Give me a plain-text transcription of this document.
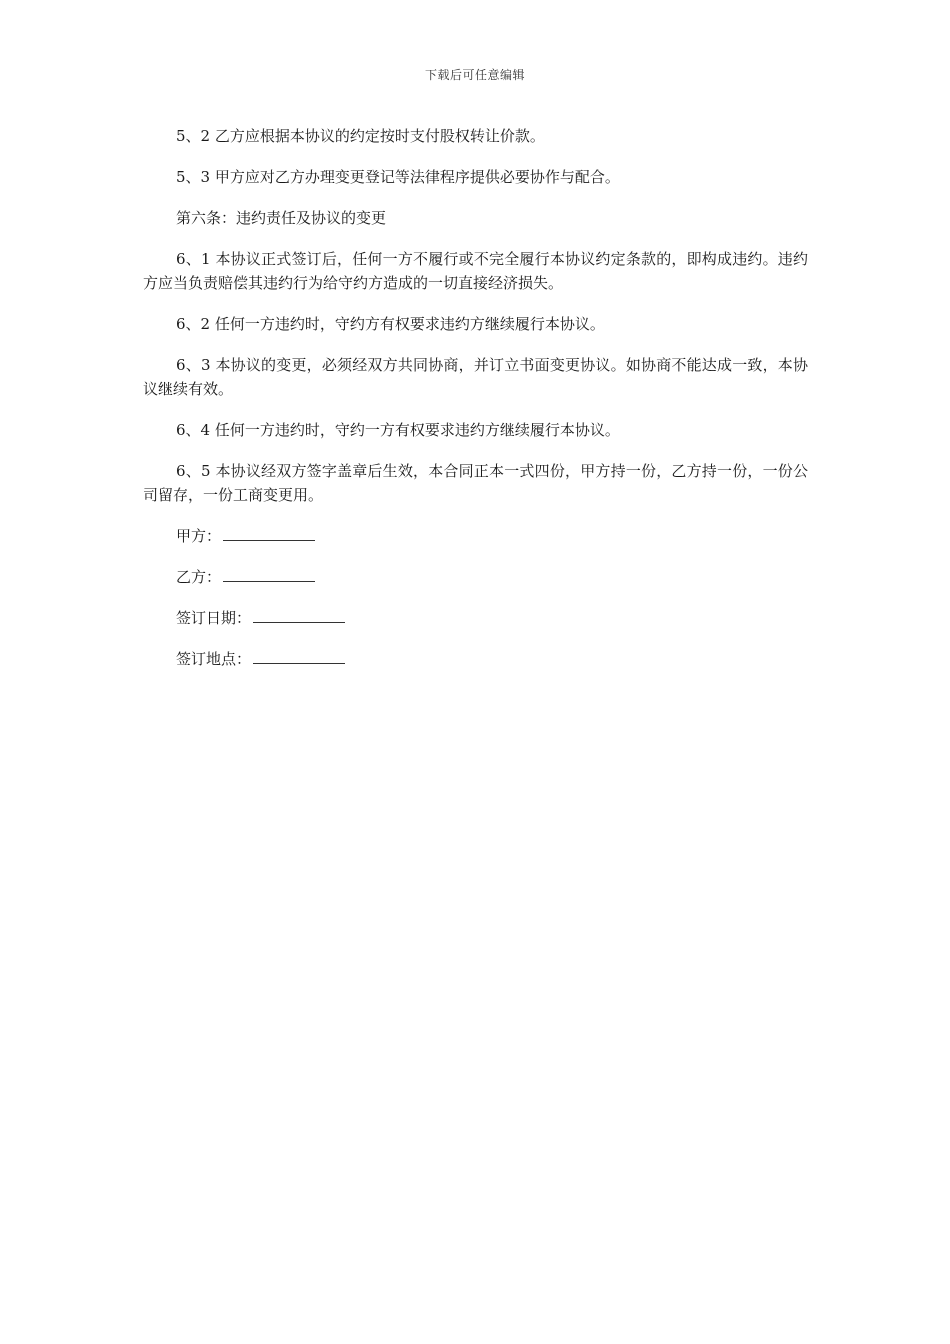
下载后可任意编辑

5、2 乙方应根据本协议的约定按时支付股权转让价款。

5、3 甲方应对乙方办理变更登记等法律程序提供必要协作与配合。

第六条：违约责任及协议的变更

6、1 本协议正式签订后，任何一方不履行或不完全履行本协议约定条款的，即构成违约。违约方应当负责赔偿其违约行为给守约方造成的一切直接经济损失。

6、2 任何一方违约时，守约方有权要求违约方继续履行本协议。

6、3 本协议的变更，必须经双方共同协商，并订立书面变更协议。如协商不能达成一致，本协议继续有效。

6、4 任何一方违约时，守约一方有权要求违约方继续履行本协议。

6、5 本协议经双方签字盖章后生效，本合同正本一式四份，甲方持一份，乙方持一份，一份公司留存，一份工商变更用。

甲方：
乙方：
签订日期：
签订地点：
